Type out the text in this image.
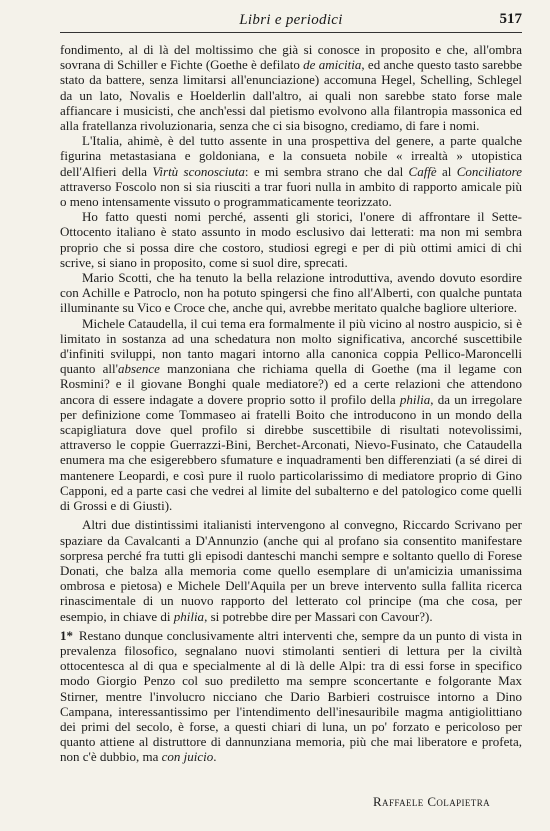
Libri e periodici	517

fondimento, al di là del moltissimo che già si conosce in proposito e che, all'ombra sovrana di Schiller e Fichte (Goethe è defilato de amicitia, ed anche questo tasto sarebbe stato da battere, senza limitarsi all'enunciazione) accomuna Hegel, Schelling, Schlegel da un lato, Novalis e Hoelderlin dall'altro, ai quali non sarebbe stato forse male affiancare i musicisti, che anch'essi dal pietismo evolvono alla filantropia massonica ed alla fratellanza rivoluzionaria, senza che ci sia bisogno, crediamo, di fare i nomi.

L'Italia, ahimè, è del tutto assente in una prospettiva del genere, a parte qualche figurina metastasiana e goldoniana, e la consueta nobile « irrealtà » utopistica dell'Alfieri della Virtù sconosciuta: e mi sembra strano che dal Caffè al Conciliatore attraverso Foscolo non si sia riusciti a trar fuori nulla in ambito di rapporto amicale più o meno intensamente vissuto o programmaticamente teorizzato.

Ho fatto questi nomi perché, assenti gli storici, l'onere di affrontare il Sette-Ottocento italiano è stato assunto in modo esclusivo dai letterati: ma non mi sembra proprio che si possa dire che costoro, studiosi egregi e per di più ottimi amici di chi scrive, si siano in proposito, come si suol dire, sprecati.

Mario Scotti, che ha tenuto la bella relazione introduttiva, avendo dovuto esordire con Achille e Patroclo, non ha potuto spingersi che fino all'Alberti, con qualche puntata illuminante su Vico e Croce che, anche qui, avrebbe meritato qualche bagliore ulteriore.

Michele Cataudella, il cui tema era formalmente il più vicino al nostro auspicio, si è limitato in sostanza ad una schedatura non molto significativa, ancorché suscettibile d'infiniti sviluppi, non tanto magari intorno alla canonica coppia Pellico-Maroncelli quanto all'absence manzoniana che richiama quella di Goethe (ma il legame con Rosmini? e il giovane Bonghi quale mediatore?) ed a certe relazioni che attendono ancora di essere indagate a dovere proprio sotto il profilo della philia, da un irregolare per definizione come Tommaseo ai fratelli Boito che introducono in un mondo della scapigliatura dove quel profilo si direbbe suscettibile di risultati notevolissimi, attraverso le coppie Guerrazzi-Bini, Berchet-Arconati, Nievo-Fusinato, che Cataudella enumera ma che esigerebbero sfumature e inquadramenti ben differenziati (a sé direi di mantenere Leopardi, e così pure il ruolo particolarissimo di mediatore proprio di Gino Capponi, ed a parte casi che vedrei al limite del subalterno e del patologico come quelli di Grossi e di Giusti).

Altri due distintissimi italianisti intervengono al convegno, Riccardo Scrivano per spaziare da Cavalcanti a D'Annunzio (anche qui al profano sia consentito manifestare sorpresa perché fra tutti gli episodi danteschi manchi sempre e soltanto quello di Forese Donati, che balza alla memoria come quello esemplare di un'amicizia umanissima ombrosa e pietosa) e Michele Dell'Aquila per un breve intervento sulla fallita ricerca rinascimentale di un nuovo rapporto del letterato col principe (ma che cosa, per esempio, in chiave di philia, si potrebbe dire per Massari con Cavour?).

1* Restano dunque conclusivamente altri interventi che, sempre da un punto di vista in prevalenza filosofico, segnalano nuovi stimolanti sentieri di lettura per la civiltà ottocentesca al di qua e specialmente al di là delle Alpi: tra di essi forse in specifico modo Giorgio Penzo col suo prediletto ma sempre sconcertante e folgorante Max Stirner, mentre l'involucro nicciano che Dario Barbieri costruisce intorno a Dino Campana, interessantissimo per l'intendimento dell'inesauribile magma antigiolittiano dei primi del secolo, è forse, a questi chiari di luna, un po' forzato e pericoloso per quanto attiene al distruttore di dannunziana memoria, più che mai liberatore e profeta, non c'è dubbio, ma con juicio.

Raffaele Colapietra
